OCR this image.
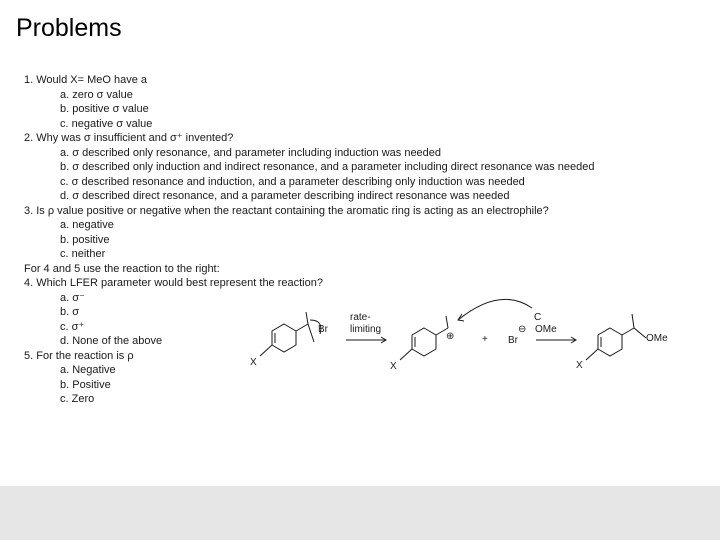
Problems
1. Would X= MeO have a
a. zero σ value
b. positive σ value
c. negative σ value
2. Why was σ insufficient and σ⁺ invented?
a. σ described only resonance, and parameter including induction was needed
b. σ described only induction and indirect resonance, and a parameter including direct resonance was needed
c. σ described resonance and induction, and a parameter describing only induction was needed
d. σ described direct resonance, and a parameter describing indirect resonance was needed
3. Is ρ value positive or negative when the reactant containing the aromatic ring is acting as an electrophile?
a. negative
b. positive
c. neither
For 4 and 5 use the reaction to the right:
4. Which LFER parameter would best represent the reaction?
a. σ⁻
b. σ
c. σ⁺
d. None of the above
5. For the reaction is ρ
a. Negative
b. Positive
c. Zero
Br
rate-
limiting
X
⊕
X
+ Br
⊖
C
OMe
X
OMe
